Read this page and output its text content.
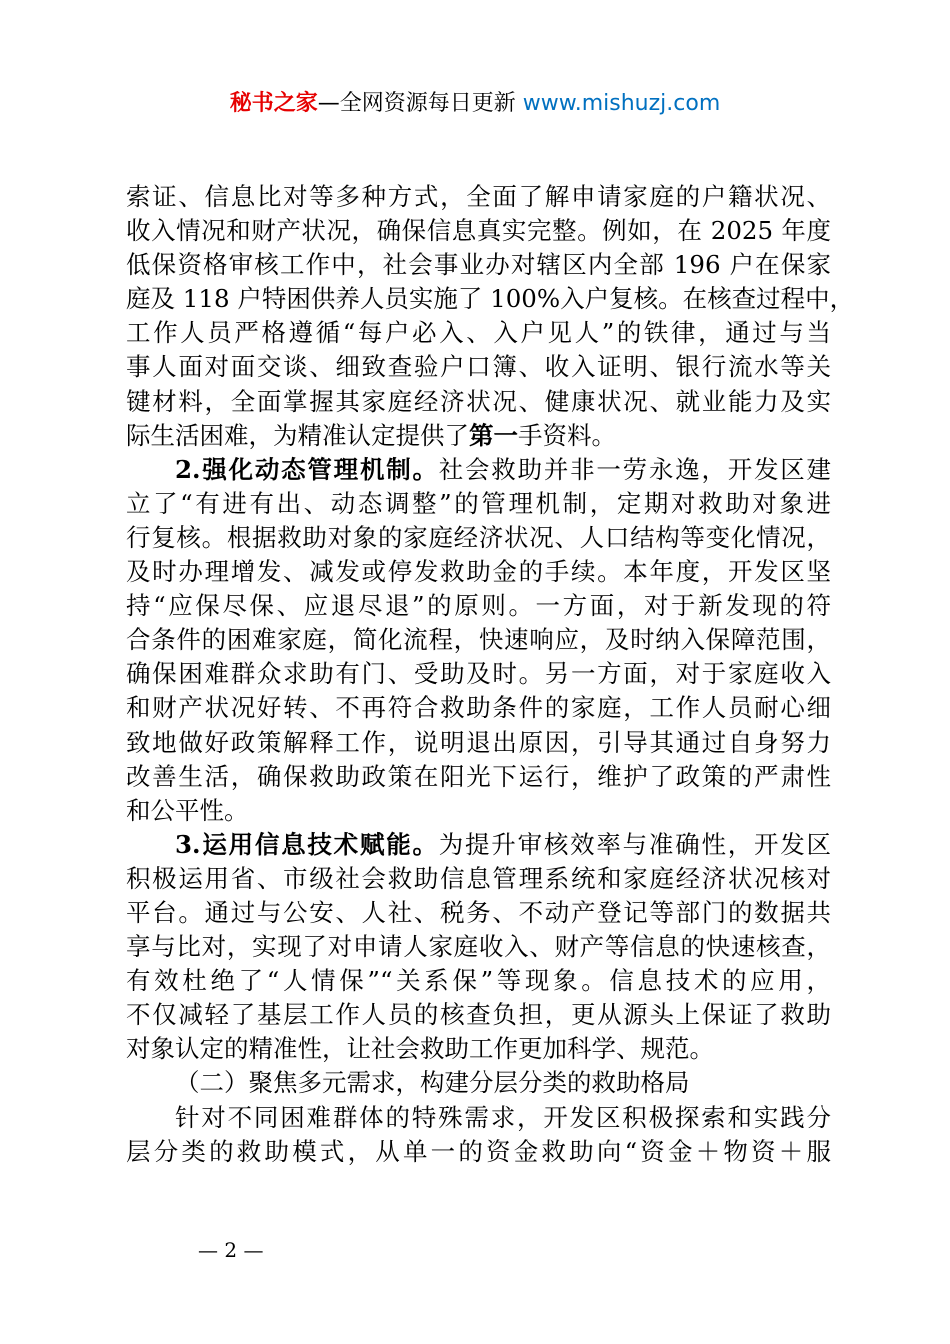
秘书之家—全网资源每日更新 www.mishuzj.com
索证、信息比对等多种方式，全面了解申请家庭的户籍状况、
收入情况和财产状况，确保信息真实完整。例如，在 2025 年度
低保资格审核工作中，社会事业办对辖区内全部 196 户在保家
庭及 118 户特困供养人员实施了 100%入户复核。在核查过程中，
工作人员严格遵循“每户必入、入户见人”的铁律，通过与当
事人面对面交谈、细致查验户口簿、收入证明、银行流水等关
键材料，全面掌握其家庭经济状况、健康状况、就业能力及实
际生活困难，为精准认定提供了第一手资料。
2.强化动态管理机制。社会救助并非一劳永逸，开发区建
立了“有进有出、动态调整”的管理机制，定期对救助对象进
行复核。根据救助对象的家庭经济状况、人口结构等变化情况，
及时办理增发、减发或停发救助金的手续。本年度，开发区坚
持“应保尽保、应退尽退”的原则。一方面，对于新发现的符
合条件的困难家庭，简化流程，快速响应，及时纳入保障范围，
确保困难群众求助有门、受助及时。另一方面，对于家庭收入
和财产状况好转、不再符合救助条件的家庭，工作人员耐心细
致地做好政策解释工作，说明退出原因，引导其通过自身努力
改善生活，确保救助政策在阳光下运行，维护了政策的严肃性
和公平性。
3.运用信息技术赋能。为提升审核效率与准确性，开发区
积极运用省、市级社会救助信息管理系统和家庭经济状况核对
平台。通过与公安、人社、税务、不动产登记等部门的数据共
享与比对，实现了对申请人家庭收入、财产等信息的快速核查，
有效杜绝了“人情保”“关系保”等现象。信息技术的应用，
不仅减轻了基层工作人员的核查负担，更从源头上保证了救助
对象认定的精准性，让社会救助工作更加科学、规范。
（二）聚焦多元需求，构建分层分类的救助格局
针对不同困难群体的特殊需求，开发区积极探索和实践分
层分类的救助模式，从单一的资金救助向“资金＋物资＋服
— 2 —
